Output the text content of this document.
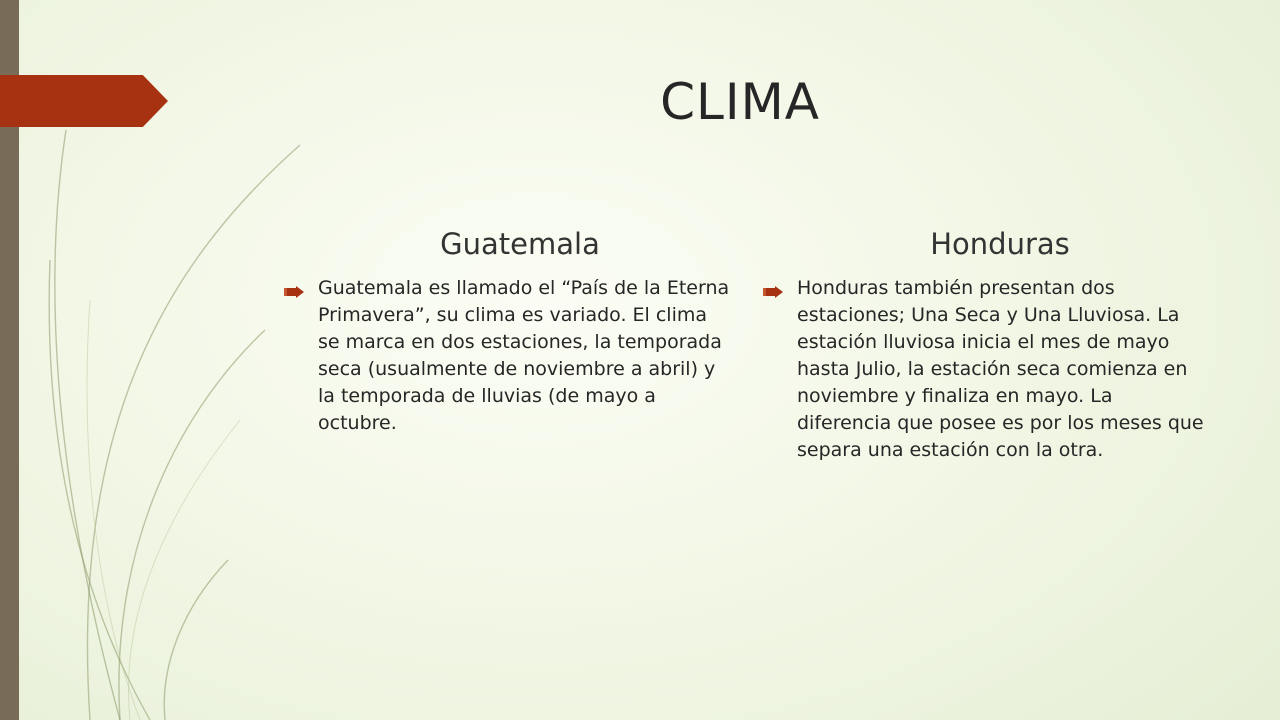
CLIMA
Guatemala	Honduras
Guatemala es llamado el “País de la Eterna Primavera”, su clima es variado. El clima se marca en dos estaciones, la temporada seca (usualmente de noviembre a abril) y la temporada de lluvias (de mayo a octubre.
Honduras también presentan dos estaciones; Una Seca y Una Lluviosa. La estación lluviosa inicia el mes de mayo hasta Julio, la estación seca comienza en noviembre y finaliza en mayo. La diferencia que posee es por los meses que separa una estación con la otra.
